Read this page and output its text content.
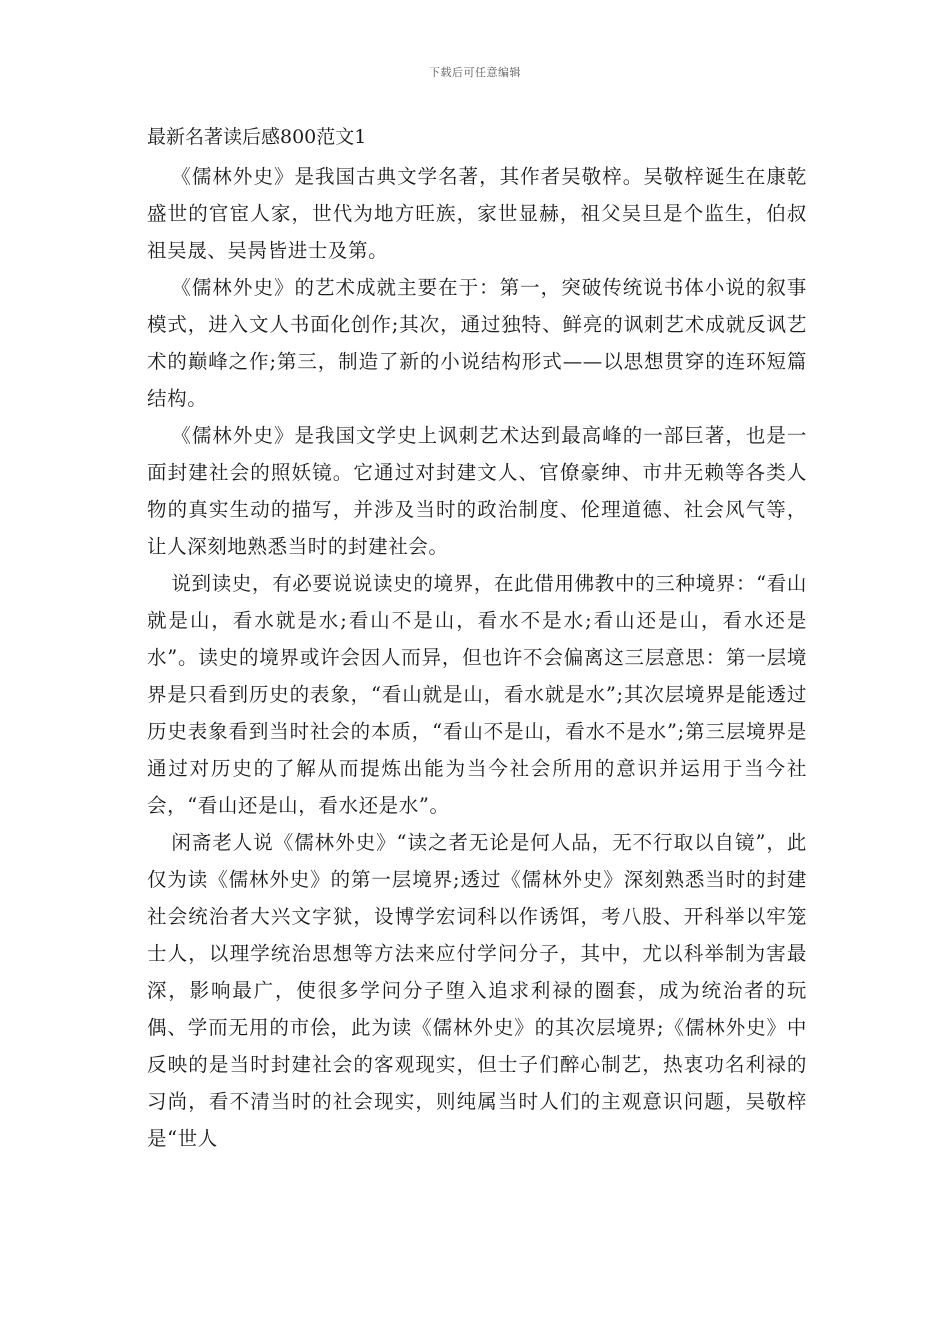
下载后可任意编辑
最新名著读后感800范文1

《儒林外史》是我国古典文学名著，其作者吴敬梓。吴敬梓诞生在康乾盛世的官宦人家，世代为地方旺族，家世显赫，祖父吴旦是个监生，伯叔祖吴晟、吴昺皆进士及第。

《儒林外史》的艺术成就主要在于：第一，突破传统说书体小说的叙事模式，进入文人书面化创作;其次，通过独特、鲜亮的讽刺艺术成就反讽艺术的巅峰之作;第三，制造了新的小说结构形式——以思想贯穿的连环短篇结构。

《儒林外史》是我国文学史上讽刺艺术达到最高峰的一部巨著，也是一面封建社会的照妖镜。它通过对封建文人、官僚豪绅、市井无赖等各类人物的真实生动的描写，并涉及当时的政治制度、伦理道德、社会风气等，让人深刻地熟悉当时的封建社会。

说到读史，有必要说说读史的境界，在此借用佛教中的三种境界：“看山就是山，看水就是水;看山不是山，看水不是水;看山还是山，看水还是水”。读史的境界或许会因人而异，但也许不会偏离这三层意思：第一层境界是只看到历史的表象，“看山就是山，看水就是水”;其次层境界是能透过历史表象看到当时社会的本质，“看山不是山，看水不是水”;第三层境界是通过对历史的了解从而提炼出能为当今社会所用的意识并运用于当今社会，“看山还是山，看水还是水”。

闲斋老人说《儒林外史》“读之者无论是何人品，无不行取以自镜”，此仅为读《儒林外史》的第一层境界;透过《儒林外史》深刻熟悉当时的封建社会统治者大兴文字狱，设博学宏词科以作诱饵，考八股、开科举以牢笼士人，以理学统治思想等方法来应付学问分子，其中，尤以科举制为害最深，影响最广，使很多学问分子堕入追求利禄的圈套，成为统治者的玩偶、学而无用的市侩，此为读《儒林外史》的其次层境界;《儒林外史》中反映的是当时封建社会的客观现实，但士子们醉心制艺，热衷功名利禄的习尚，看不清当时的社会现实，则纯属当时人们的主观意识问题，吴敬梓是“世人
